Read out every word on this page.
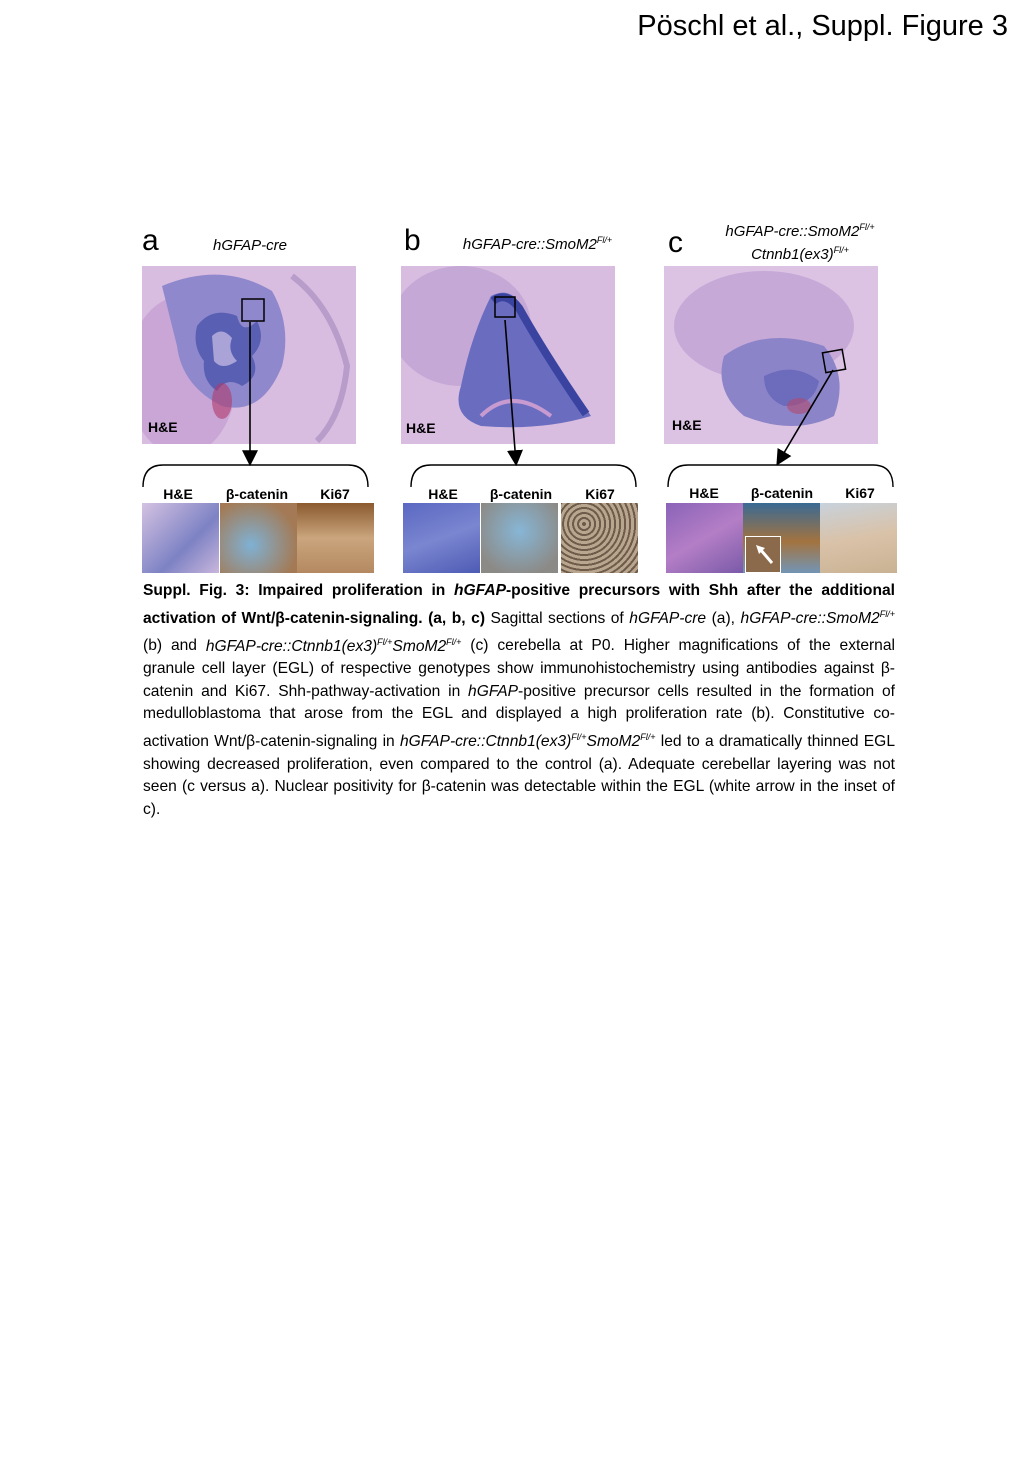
Pöschl et al., Suppl. Figure 3
a	b	c
hGFAP-cre	hGFAP-$cre::SmoM2^{Fl/+}$	hGFAP-$cre::SmoM2^{Fl/+}$
$Ctnnb1(ex3)^{Fl/+}$
H&E	H&E	H&E
H&E	β-catenin	Ki67	H&E	β-catenin	Ki67	H&E	β-catenin	Ki67
Suppl. Fig. 3: Impaired proliferation in hGFAP-positive precursors with Shh after the additional activation of Wnt/β-catenin-signaling. (a, b, c) Sagittal sections of hGFAP-cre (a), hGFAP-$cre::SmoM2^{Fl/+}$ (b) and hGFAP-$cre::Ctnnb1(ex3)^{Fl/+}SmoM2^{Fl/+}$ (c) cerebella at P0. Higher magnifications of the external granule cell layer (EGL) of respective genotypes show immunohistochemistry using antibodies against β-catenin and Ki67. Shh-pathway-activation in hGFAP-positive precursor cells resulted in the formation of medulloblastoma that arose from the EGL and displayed a high proliferation rate (b). Constitutive co-activation Wnt/β-catenin-signaling in hGFAP-$cre::Ctnnb1(ex3)^{Fl/+}SmoM2^{Fl/+}$ led to a dramatically thinned EGL showing decreased proliferation, even compared to the control (a). Adequate cerebellar layering was not seen (c versus a). Nuclear positivity for β-catenin was detectable within the EGL (white arrow in the inset of c).
